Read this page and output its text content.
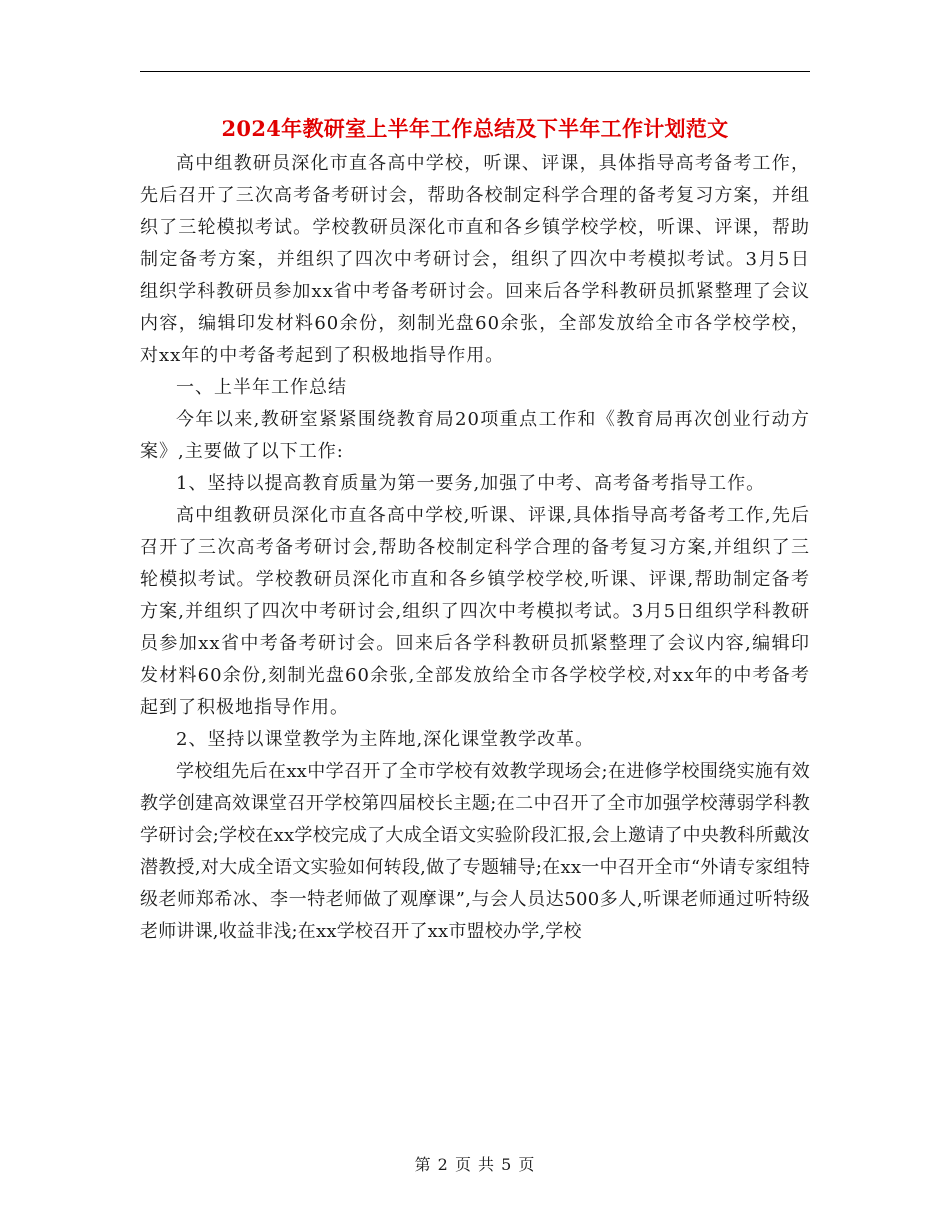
2024年教研室上半年工作总结及下半年工作计划范文

高中组教研员深化市直各高中学校，听课、评课，具体指导高考备考工作，先后召开了三次高考备考研讨会，帮助各校制定科学合理的备考复习方案，并组织了三轮模拟考试。学校教研员深化市直和各乡镇学校学校，听课、评课，帮助制定备考方案，并组织了四次中考研讨会，组织了四次中考模拟考试。3月5日组织学科教研员参加xx省中考备考研讨会。回来后各学科教研员抓紧整理了会议内容，编辑印发材料60余份，刻制光盘60余张，全部发放给全市各学校学校，对xx年的中考备考起到了积极地指导作用。

一、上半年工作总结

今年以来,教研室紧紧围绕教育局20项重点工作和《教育局再次创业行动方案》,主要做了以下工作:

1、坚持以提高教育质量为第一要务,加强了中考、高考备考指导工作。

高中组教研员深化市直各高中学校,听课、评课,具体指导高考备考工作,先后召开了三次高考备考研讨会,帮助各校制定科学合理的备考复习方案,并组织了三轮模拟考试。学校教研员深化市直和各乡镇学校学校,听课、评课,帮助制定备考方案,并组织了四次中考研讨会,组织了四次中考模拟考试。3月5日组织学科教研员参加xx省中考备考研讨会。回来后各学科教研员抓紧整理了会议内容,编辑印发材料60余份,刻制光盘60余张,全部发放给全市各学校学校,对xx年的中考备考起到了积极地指导作用。

2、坚持以课堂教学为主阵地,深化课堂教学改革。

学校组先后在xx中学召开了全市学校有效教学现场会;在进修学校围绕实施有效教学创建高效课堂召开学校第四届校长主题;在二中召开了全市加强学校薄弱学科教学研讨会;学校在xx学校完成了大成全语文实验阶段汇报,会上邀请了中央教科所戴汝潜教授,对大成全语文实验如何转段,做了专题辅导;在xx一中召开全市“外请专家组特级老师郑希冰、李一特老师做了观摩课”,与会人员达500多人,听课老师通过听特级老师讲课,收益非浅;在xx学校召开了xx市盟校办学,学校

第 2 页 共 5 页
